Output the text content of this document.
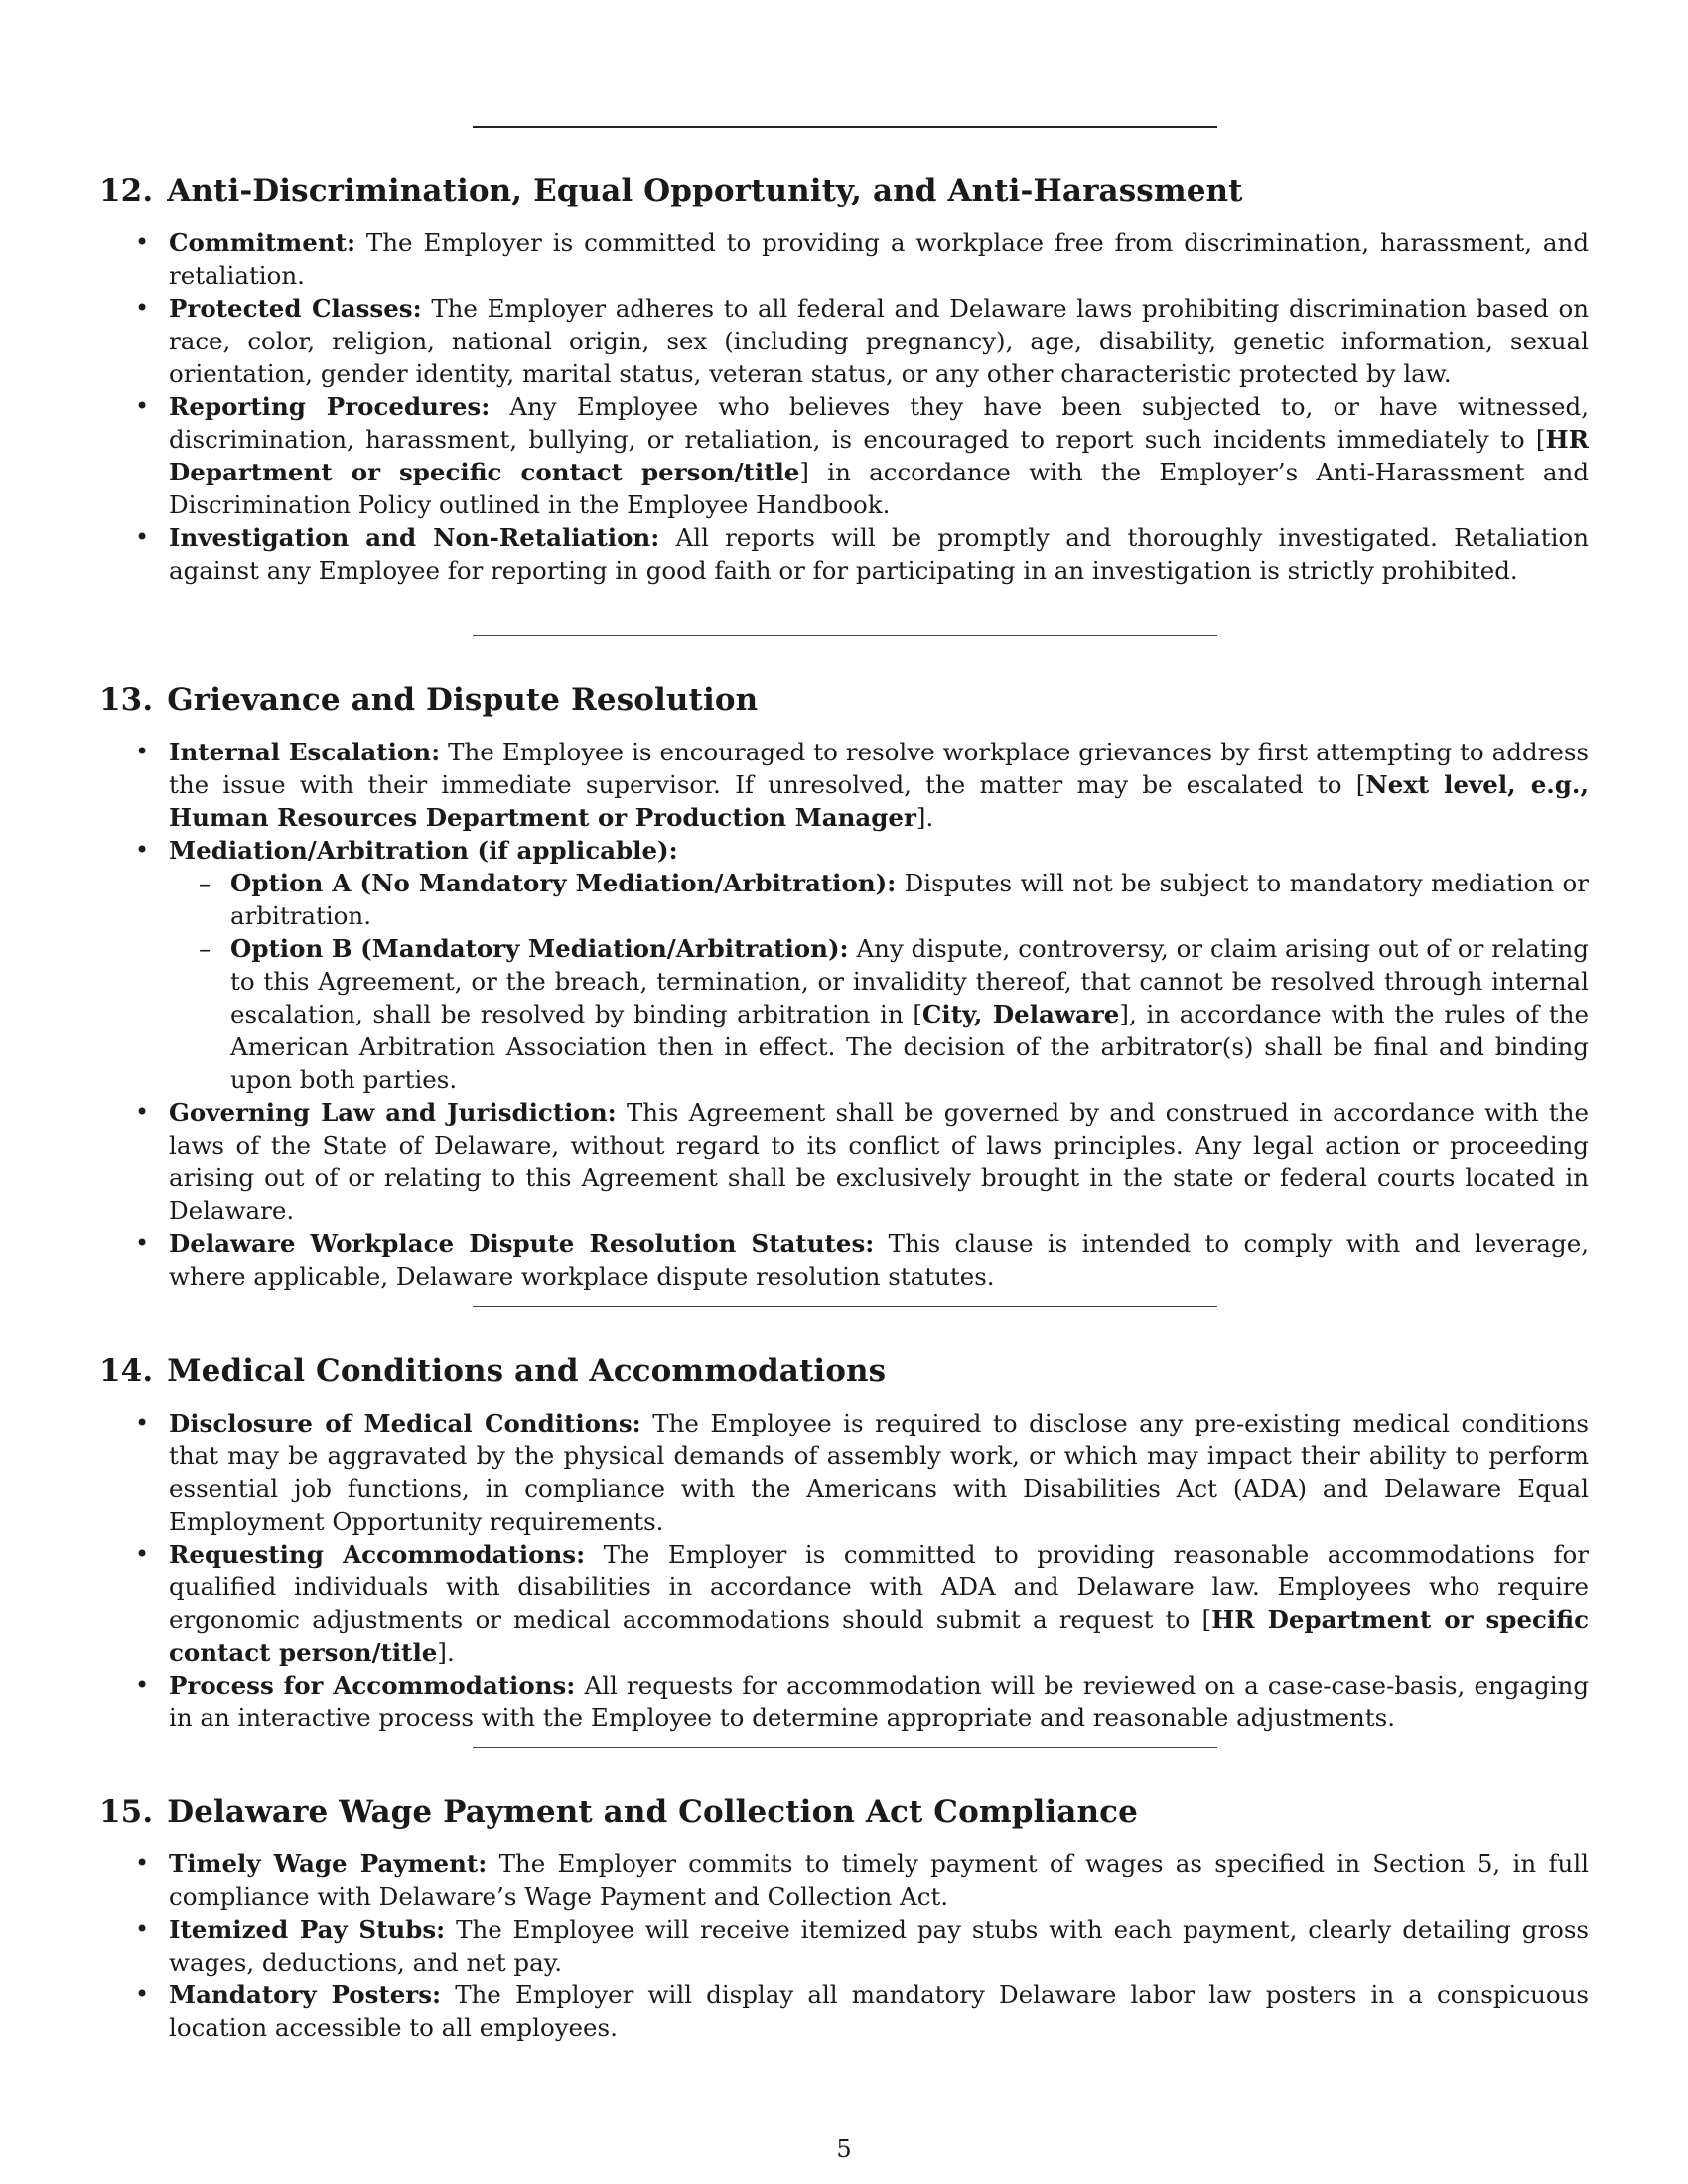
12. Anti-Discrimination, Equal Opportunity, and Anti-Harassment
• Commitment: The Employer is committed to providing a workplace free from discrimination, harassment, and retaliation.
• Protected Classes: The Employer adheres to all federal and Delaware laws prohibiting discrimination based on race, color, religion, national origin, sex (including pregnancy), age, disability, genetic information, sexual orientation, gender identity, marital status, veteran status, or any other characteristic protected by law.
• Reporting Procedures: Any Employee who believes they have been subjected to, or have witnessed, discrimination, harassment, bullying, or retaliation, is encouraged to report such incidents immediately to [HR Department or specific contact person/title] in accordance with the Employer’s Anti-Harassment and Discrimination Policy outlined in the Employee Handbook.
• Investigation and Non-Retaliation: All reports will be promptly and thoroughly investigated. Retaliation against any Employee for reporting in good faith or for participating in an investigation is strictly prohibited.
13. Grievance and Dispute Resolution
• Internal Escalation: The Employee is encouraged to resolve workplace grievances by first attempting to address the issue with their immediate supervisor. If unresolved, the matter may be escalated to [Next level, e.g., Human Resources Department or Production Manager].
• Mediation/Arbitration (if applicable):
– Option A (No Mandatory Mediation/Arbitration): Disputes will not be subject to mandatory mediation or arbitration.
– Option B (Mandatory Mediation/Arbitration): Any dispute, controversy, or claim arising out of or relating to this Agreement, or the breach, termination, or invalidity thereof, that cannot be resolved through internal escalation, shall be resolved by binding arbitration in [City, Delaware], in accordance with the rules of the American Arbitration Association then in effect. The decision of the arbitrator(s) shall be final and binding upon both parties.
• Governing Law and Jurisdiction: This Agreement shall be governed by and construed in accordance with the laws of the State of Delaware, without regard to its conflict of laws principles. Any legal action or proceeding arising out of or relating to this Agreement shall be exclusively brought in the state or federal courts located in Delaware.
• Delaware Workplace Dispute Resolution Statutes: This clause is intended to comply with and leverage, where applicable, Delaware workplace dispute resolution statutes.
14. Medical Conditions and Accommodations
• Disclosure of Medical Conditions: The Employee is required to disclose any pre-existing medical conditions that may be aggravated by the physical demands of assembly work, or which may impact their ability to perform essential job functions, in compliance with the Americans with Disabilities Act (ADA) and Delaware Equal Employment Opportunity requirements.
• Requesting Accommodations: The Employer is committed to providing reasonable accommodations for qualified individuals with disabilities in accordance with ADA and Delaware law. Employees who require ergonomic adjustments or medical accommodations should submit a request to [HR Department or specific contact person/title].
• Process for Accommodations: All requests for accommodation will be reviewed on a case-case-basis, engaging in an interactive process with the Employee to determine appropriate and reasonable adjustments.
15. Delaware Wage Payment and Collection Act Compliance
• Timely Wage Payment: The Employer commits to timely payment of wages as specified in Section 5, in full compliance with Delaware’s Wage Payment and Collection Act.
• Itemized Pay Stubs: The Employee will receive itemized pay stubs with each payment, clearly detailing gross wages, deductions, and net pay.
• Mandatory Posters: The Employer will display all mandatory Delaware labor law posters in a conspicuous location accessible to all employees.
5
